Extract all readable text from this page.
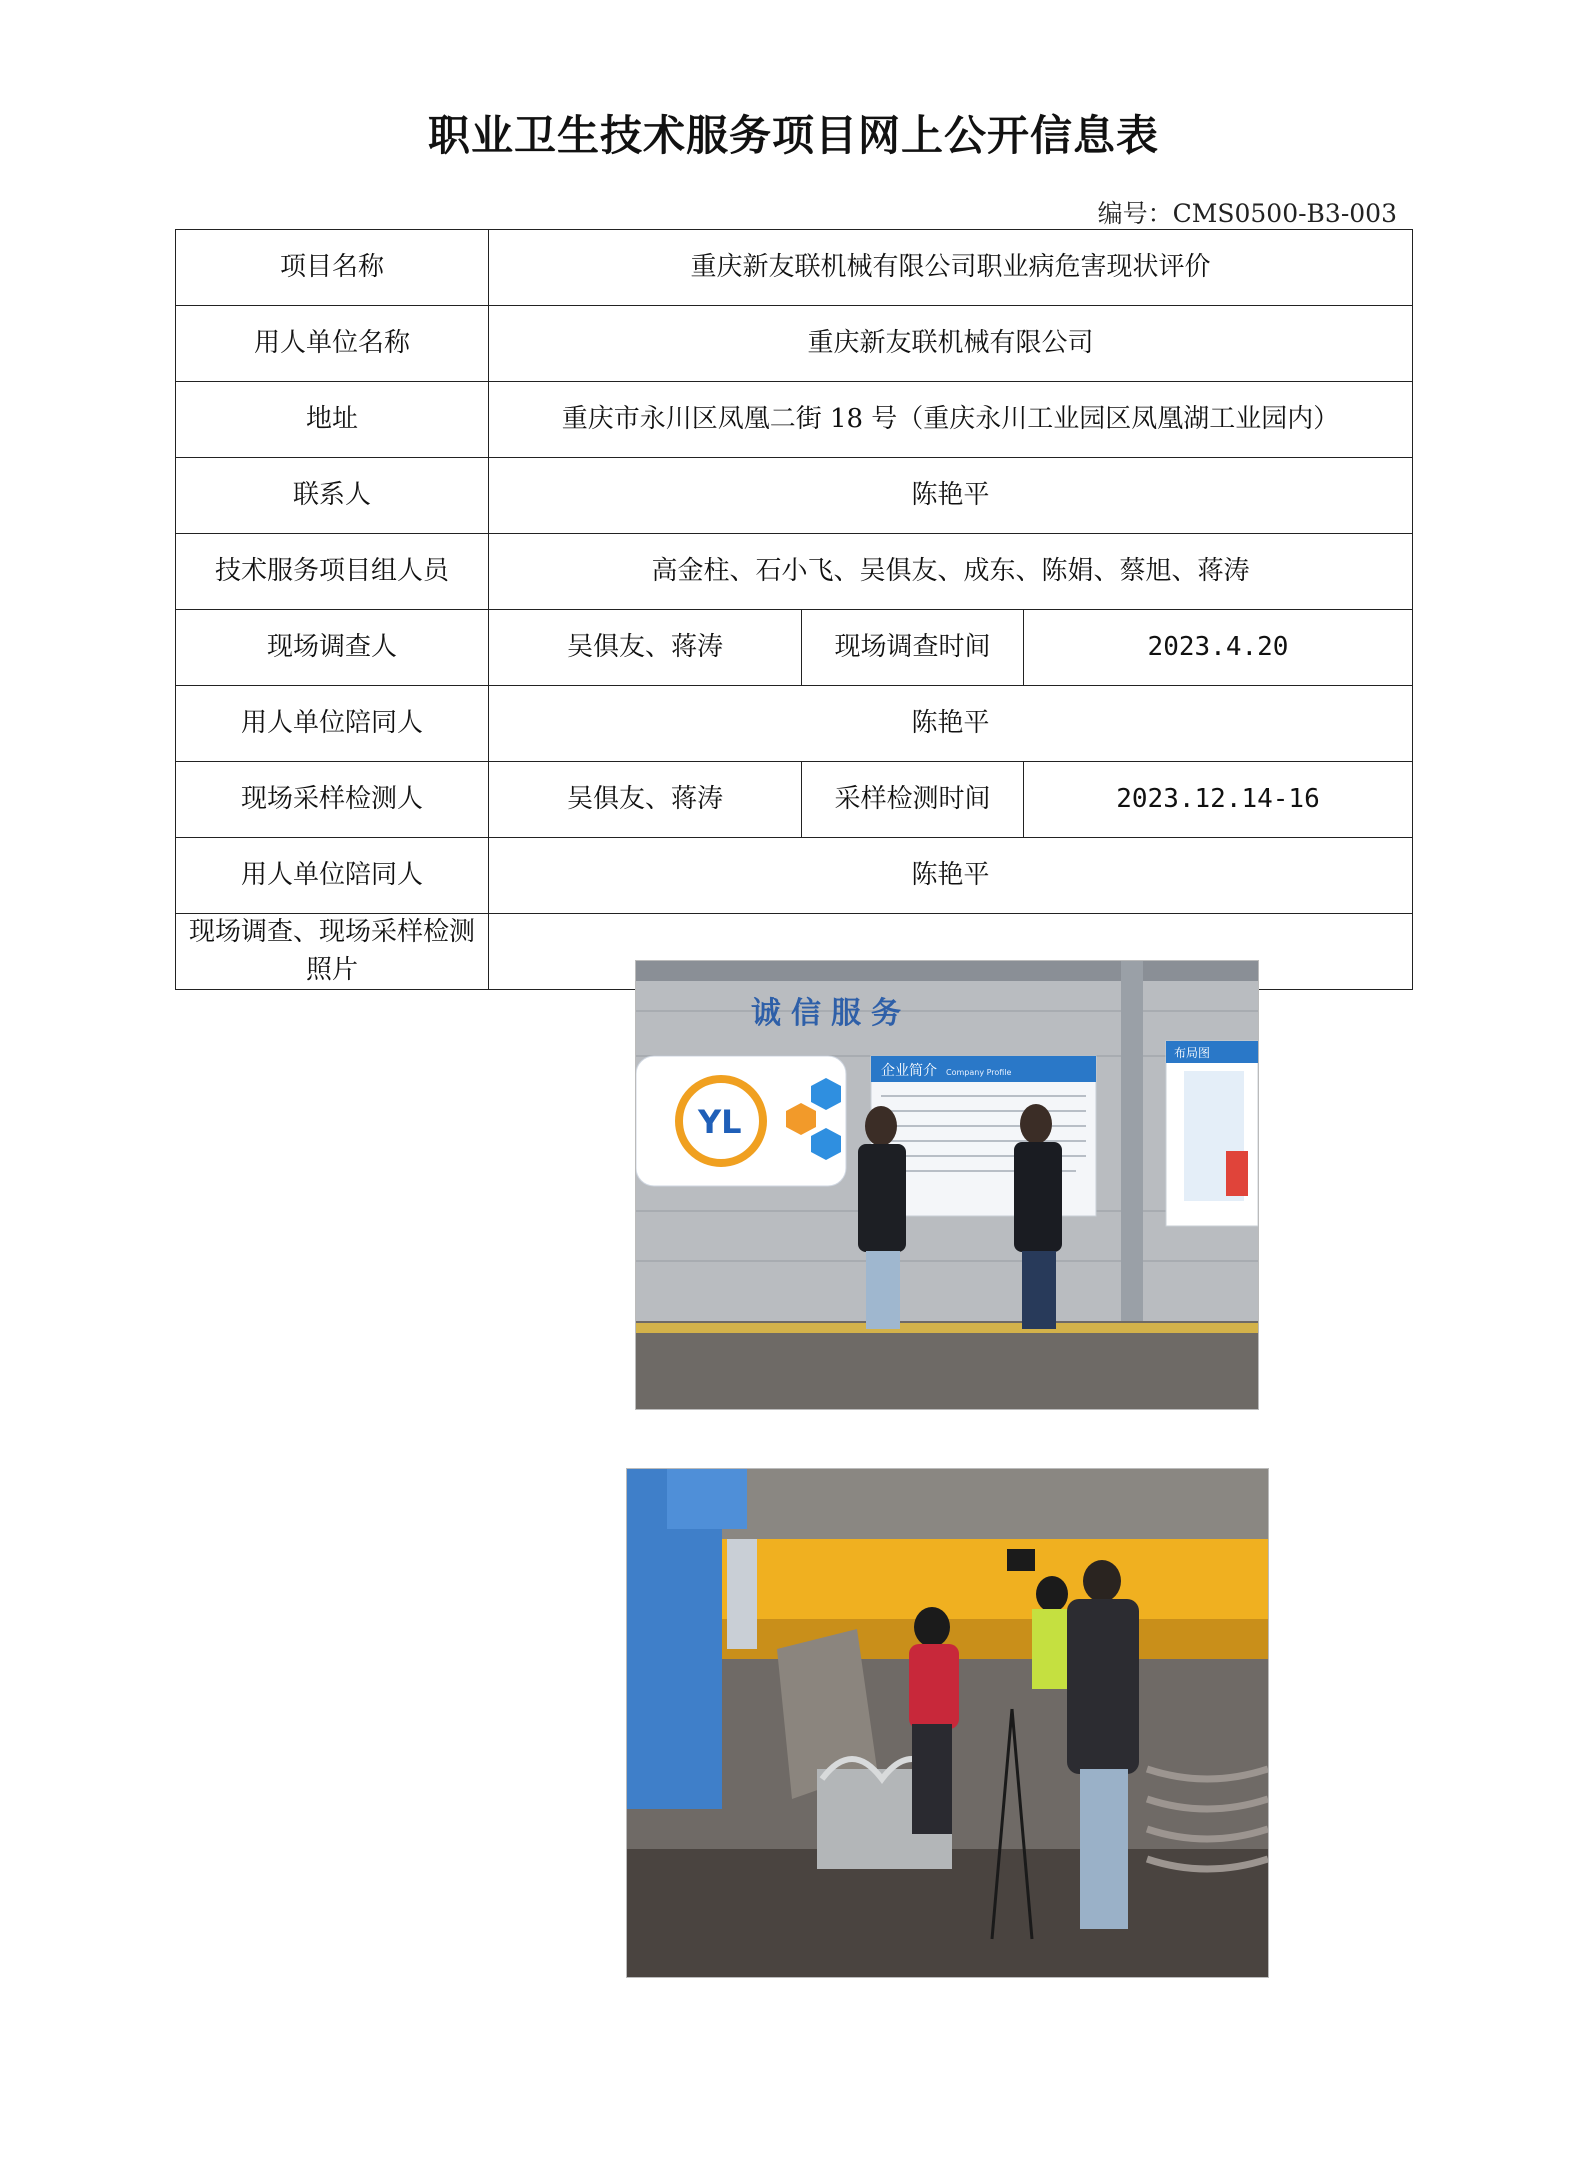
职业卫生技术服务项目网上公开信息表
编号：CMS0500-B3-003
项目名称	重庆新友联机械有限公司职业病危害现状评价		
用人单位名称	重庆新友联机械有限公司		
地址	重庆市永川区凤凰二街 18 号（重庆永川工业园区凤凰湖工业园内）		
联系人	陈艳平		
技术服务项目组人员	高金柱、石小飞、吴俱友、成东、陈娟、蔡旭、蒋涛		
现场调查人	吴俱友、蒋涛	现场调查时间	2023.4.20
用人单位陪同人	陈艳平		
现场采样检测人	吴俱友、蒋涛	采样检测时间	2023.12.14-16
用人单位陪同人	陈艳平		
现场调查、现场采样检测照片	诚信服务
YL
企业简介 Company Profile
布局图		
